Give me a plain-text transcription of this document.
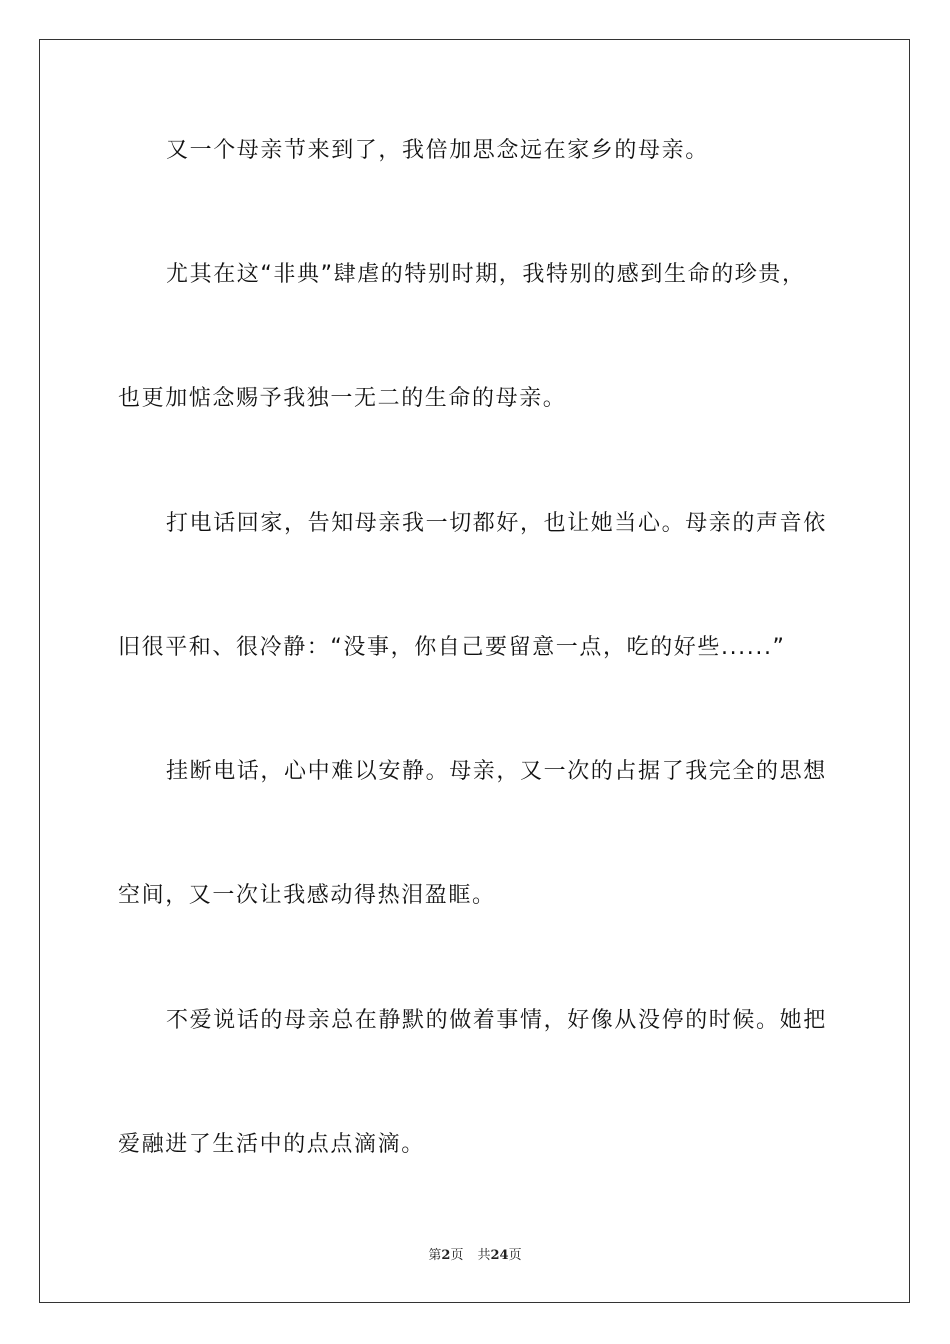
又一个母亲节来到了，我倍加思念远在家乡的母亲。
尤其在这“非典”肆虐的特别时期，我特别的感到生命的珍贵，
也更加惦念赐予我独一无二的生命的母亲。
打电话回家，告知母亲我一切都好，也让她当心。母亲的声音依
旧很平和、很冷静：“没事，你自己要留意一点，吃的好些......”
挂断电话，心中难以安静。母亲，又一次的占据了我完全的思想
空间，又一次让我感动得热泪盈眶。
不爱说话的母亲总在静默的做着事情，好像从没停的时候。她把
爱融进了生活中的点点滴滴。
第2页 共24页
